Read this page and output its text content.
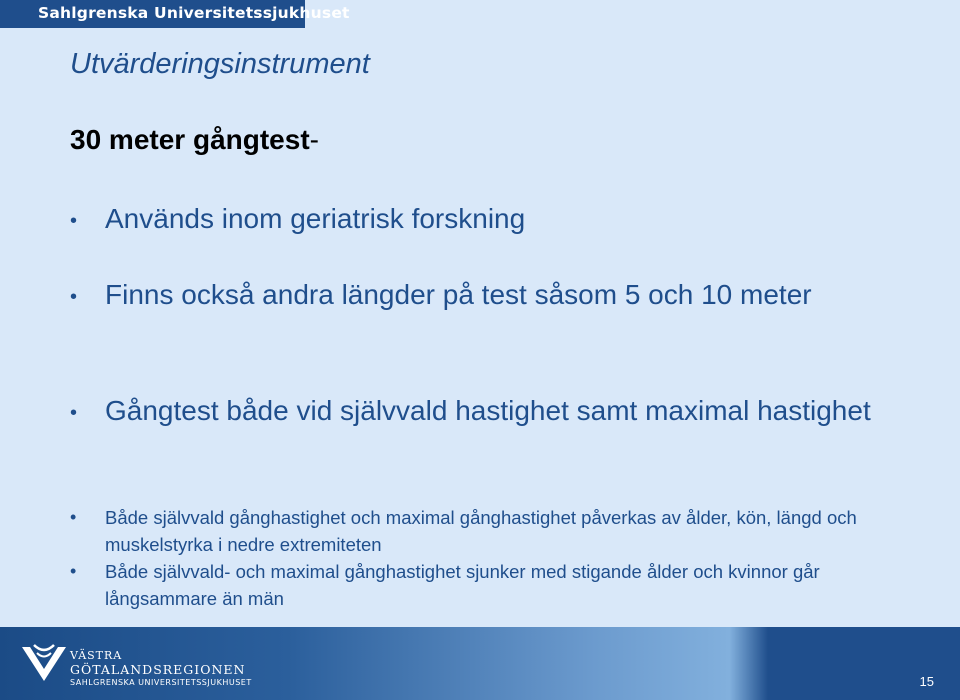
Sahlgrenska Universitetssjukhuset
Utvärderingsinstrument
30 meter gångtest-
• Används inom geriatrisk forskning
• Finns också andra längder på test såsom 5 och 10 meter
• Gångtest både vid självvald hastighet samt maximal hastighet
• Både självvald gånghastighet och maximal gånghastighet påverkas av ålder, kön, längd och muskelstyrka i nedre extremiteten
• Både självvald- och maximal gånghastighet sjunker med stigande ålder och kvinnor går långsammare än män
VÄSTRA
GÖTALANDSREGIONEN
SAHLGRENSKA UNIVERSITETSSJUKHUSET	15
